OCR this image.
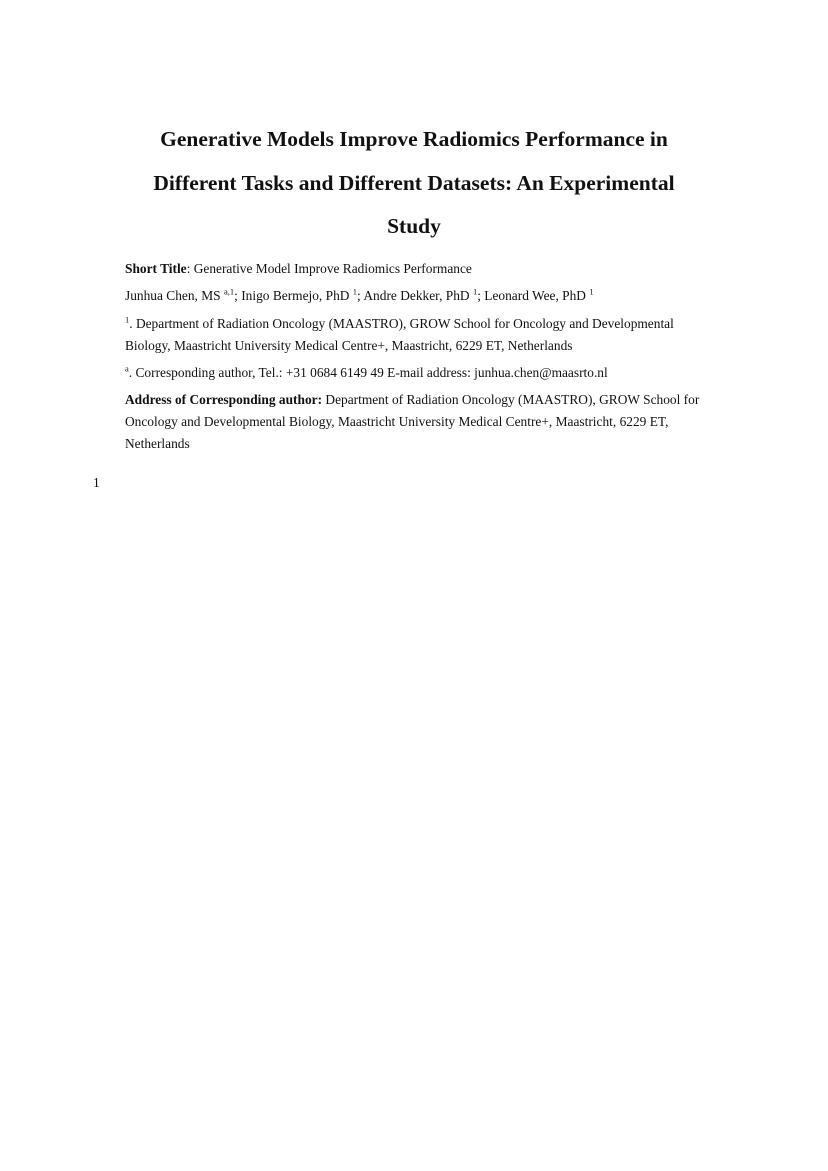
Generative Models Improve Radiomics Performance in
Different Tasks and Different Datasets: An Experimental
Study

Short Title: Generative Model Improve Radiomics Performance

Junhua Chen, MS $^{a,1}$; Inigo Bermejo, PhD $^1$; Andre Dekker, PhD $^1$; Leonard Wee, PhD $^1$

$^1$. Department of Radiation Oncology (MAASTRO), GROW School for Oncology and Developmental Biology, Maastricht University Medical Centre+, Maastricht, 6229 ET, Netherlands

$^a$. Corresponding author, Tel.: +31 0684 6149 49 E-mail address: junhua.chen@maasrto.nl

Address of Corresponding author: Department of Radiation Oncology (MAASTRO), GROW School for Oncology and Developmental Biology, Maastricht University Medical Centre+, Maastricht, 6229 ET, Netherlands

1
